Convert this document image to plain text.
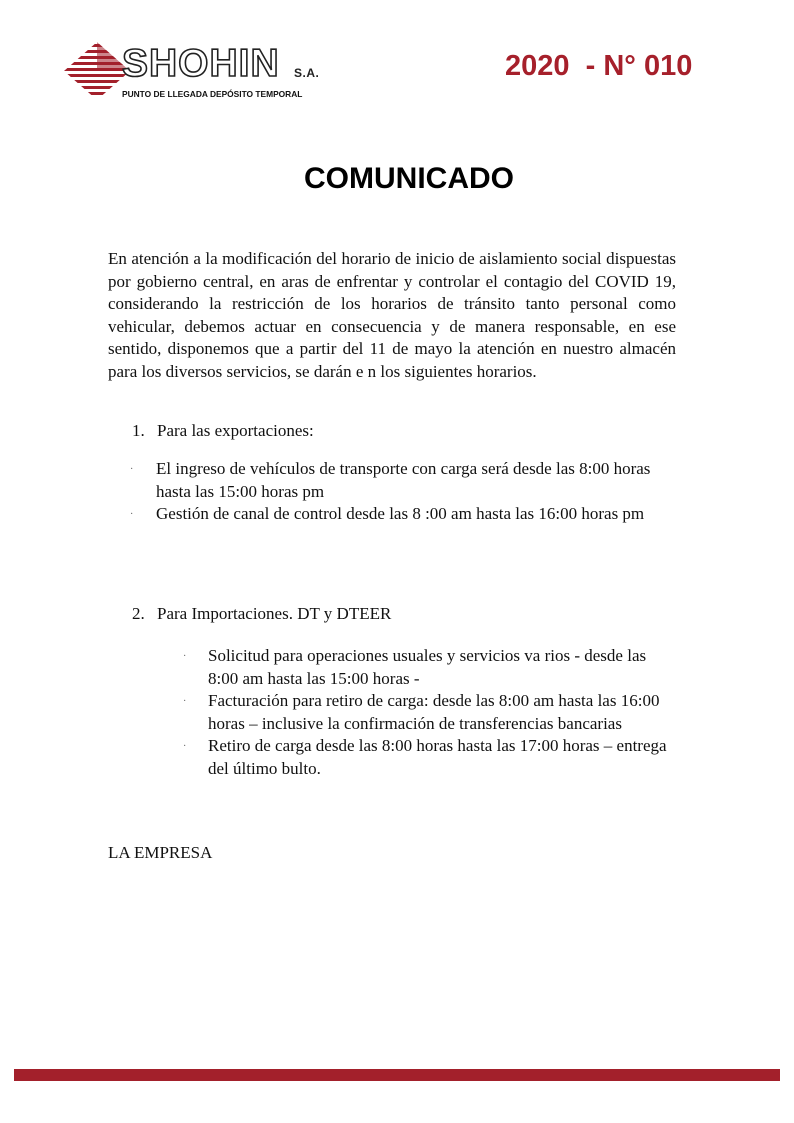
SHOHIN S.A.
PUNTO DE LLEGADA DEPÓSITO TEMPORAL
2020  - N° 010
COMUNICADO

En atención a la modificación del horario de inicio de aislamiento social dispuestas por gobierno central, en aras de enfrentar y controlar el contagio del COVID 19, considerando la restricción de los horarios de tránsito tanto personal como vehicular, debemos actuar en consecuencia y de manera responsable, en ese sentido, disponemos que a partir del 11 de mayo la atención en nuestro almacén para los diversos servicios, se darán e n los siguientes horarios.

1. Para las exportaciones:
· El ingreso de vehículos de transporte con carga será desde las 8:00 horas hasta las 15:00 horas pm
· Gestión de canal de control desde las 8 :00 am hasta las 16:00 horas pm
2. Para Importaciones. DT y DTEER
· Solicitud para operaciones usuales y servicios va rios - desde las 8:00 am hasta las 15:00 horas -
· Facturación para retiro de carga: desde las 8:00 am hasta las 16:00 horas – inclusive la confirmación de transferencias bancarias
· Retiro de carga desde las 8:00 horas hasta las 17:00 horas – entrega del último bulto.
LA EMPRESA
